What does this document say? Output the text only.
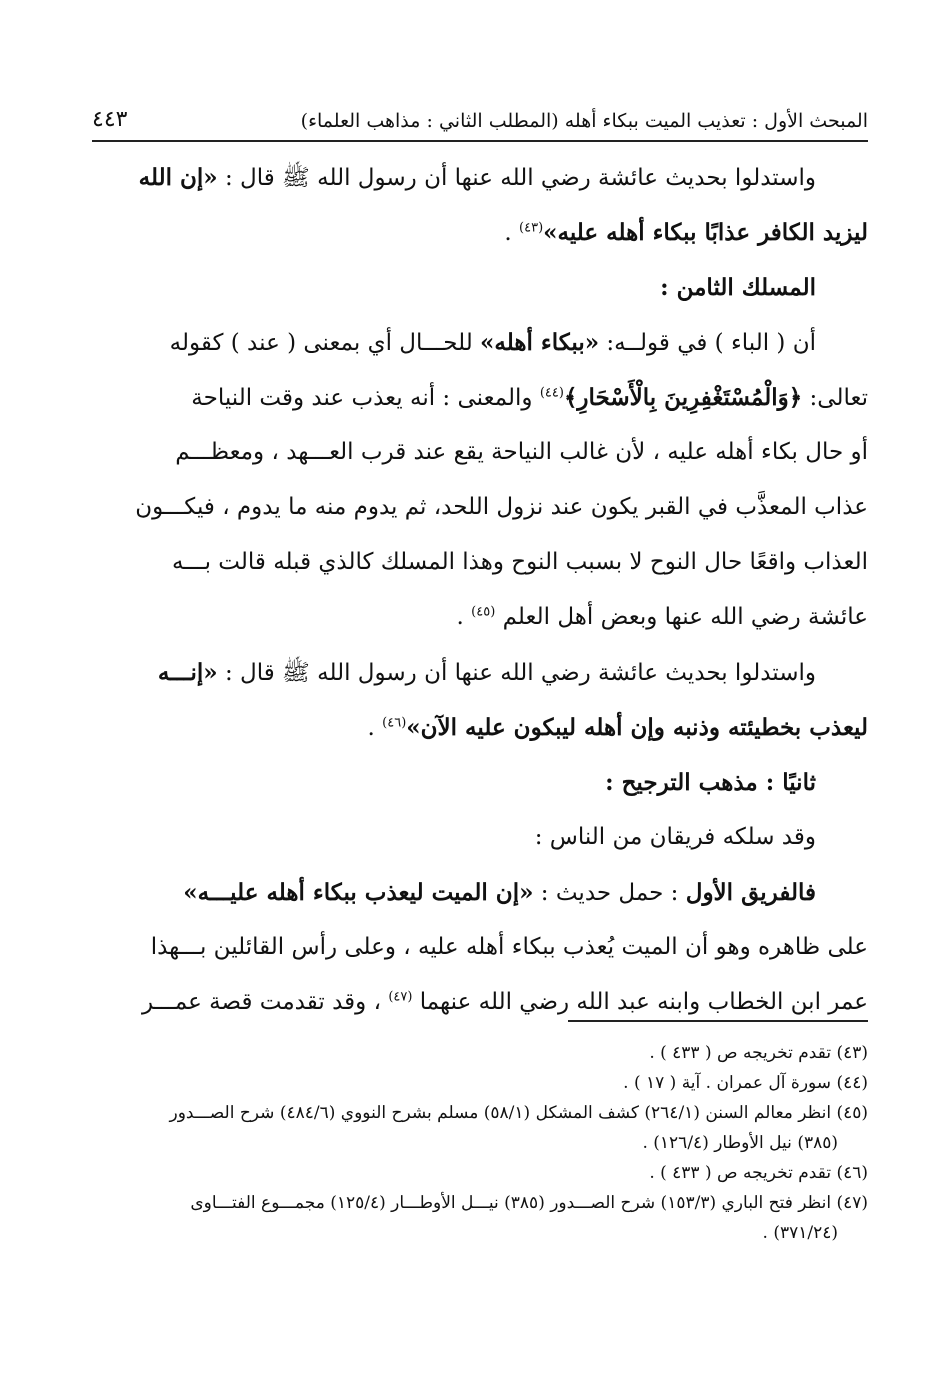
المبحث الأول : تعذيب الميت ببكاء أهله (المطلب الثاني : مذاهب العلماء)
٤٤٣
واستدلوا بحديث عائشة رضي الله عنها أن رسول الله ﷺ قال : «إن الله
ليزيد الكافر عذابًا ببكاء أهله عليه»$^{(٤٣)}$ .
المسلك الثامن :
أن ( الباء ) في قولــه: «ببكاء أهله» للحـــال أي بمعنى ( عند ) كقوله
تعالى: ﴿وَالْمُسْتَغْفِرِينَ بِالْأَسْحَارِ﴾$^{(٤٤)}$ والمعنى : أنه يعذب عند وقت النياحة
أو حال بكاء أهله عليه ، لأن غالب النياحة يقع عند قرب العـــهد ، ومعظـــم
عذاب المعذَّب في القبر يكون عند نزول اللحد، ثم يدوم منه ما يدوم ، فيكـــون
العذاب واقعًا حال النوح لا بسبب النوح وهذا المسلك كالذي قبله قالت بـــه
عائشة رضي الله عنها وبعض أهل العلم $^{(٤٥)}$ .
واستدلوا بحديث عائشة رضي الله عنها أن رسول الله ﷺ قال : «إنـــه
ليعذب بخطيئته وذنبه وإن أهله ليبكون عليه الآن»$^{(٤٦)}$ .
ثانيًا : مذهب الترجيح :
وقد سلكه فريقان من الناس :
فالفريق الأول : حمل حديث : «إن الميت ليعذب ببكاء أهله عليـــه»
على ظاهره وهو أن الميت يُعذب ببكاء أهله عليه ، وعلى رأس القائلين بـــهذا
عمر ابن الخطاب وابنه عبد الله رضي الله عنهما $^{(٤٧)}$ ، وقد تقدمت قصة عمـــر
(٤٣) تقدم تخريجه ص ( ٤٣٣ ) .
(٤٤) سورة آل عمران . آية ( ١٧ ) .
(٤٥) انظر معالم السنن (٢٦٤/١) كشف المشكل (٥٨/١) مسلم بشرح النووي (٤٨٤/٦) شرح الصـــدور
(٣٨٥) نيل الأوطار (١٢٦/٤) .
(٤٦) تقدم تخريجه ص ( ٤٣٣ ) .
(٤٧) انظر فتح الباري (١٥٣/٣) شرح الصـــدور (٣٨٥) نيـــل الأوطـــار (١٢٥/٤) مجمـــوع الفتـــاوى
(٣٧١/٢٤) .
